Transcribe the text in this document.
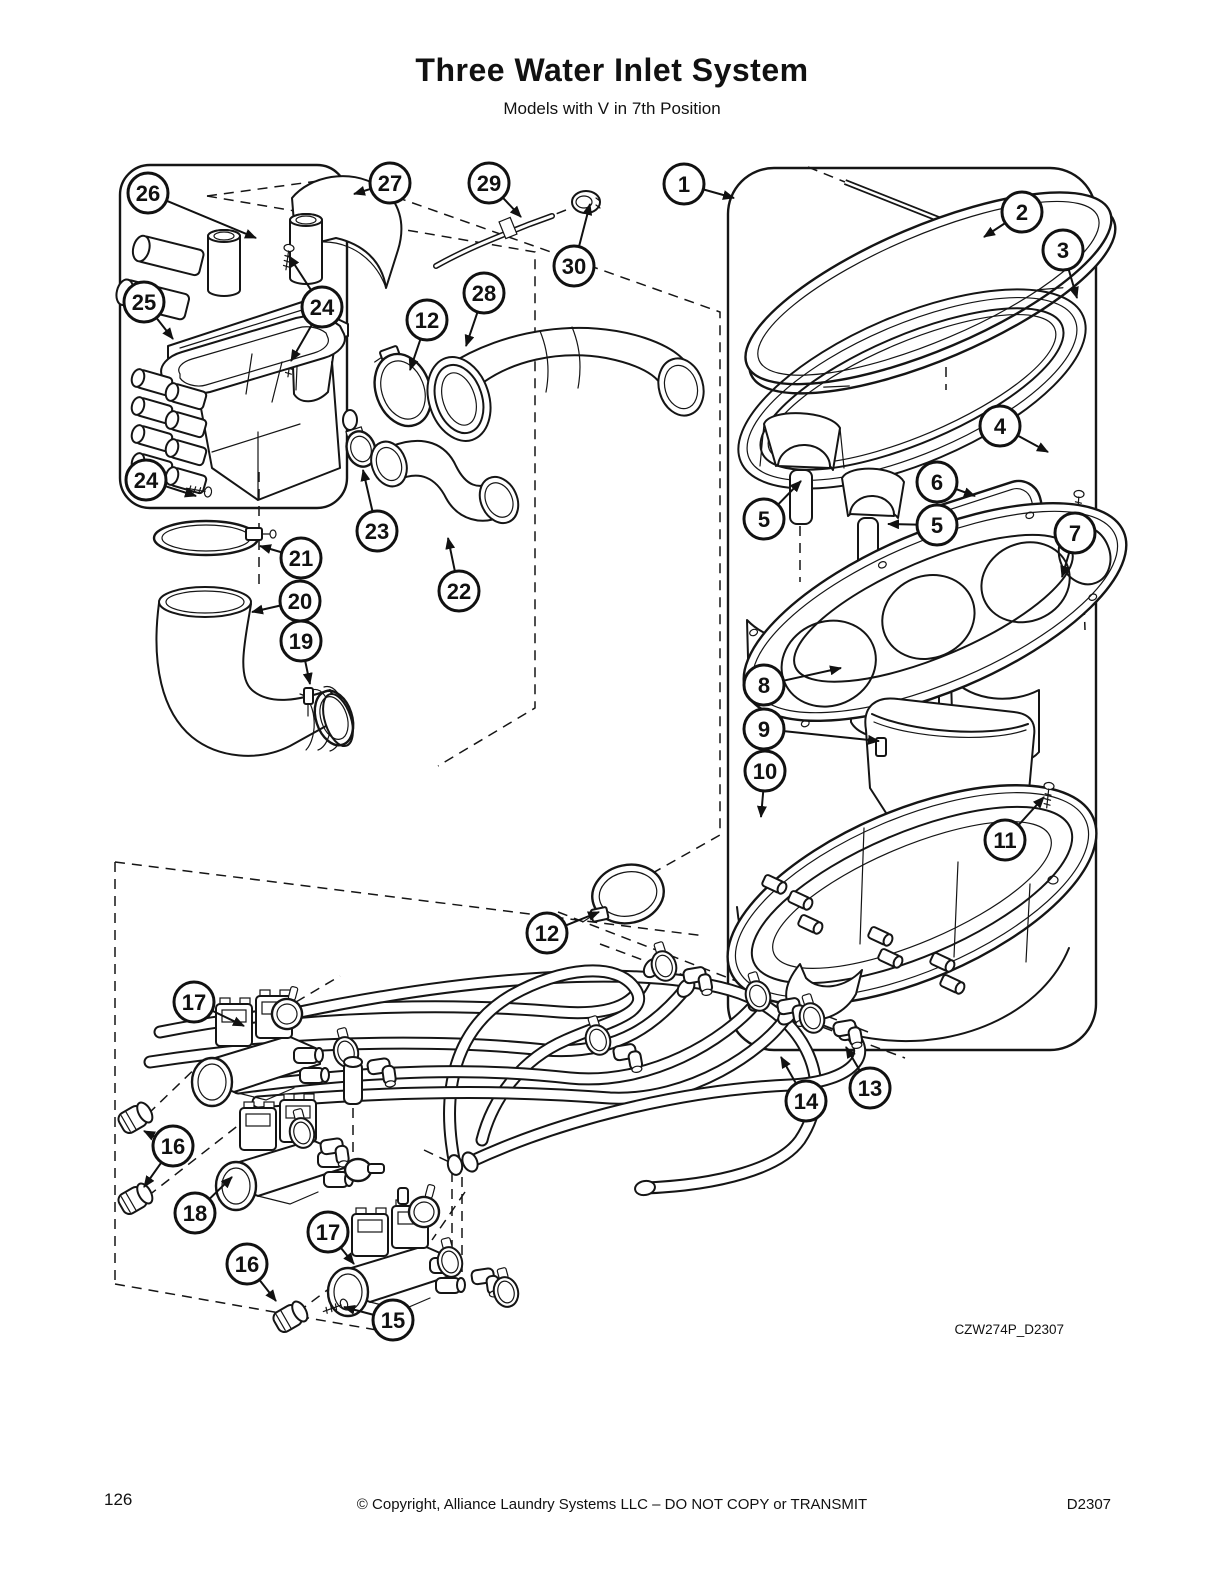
Three Water Inlet System
Models with V in 7th Position
26	27	29	1
2
3
30
28
12
25	24
4
24
23
21
22
20
19
5
6
5	7
8
9
10
11
12
17
13
14
16
18
17
16
15	CZW274P_D2307
126	© Copyright, Alliance Laundry Systems LLC – DO NOT COPY or TRANSMIT	D2307
